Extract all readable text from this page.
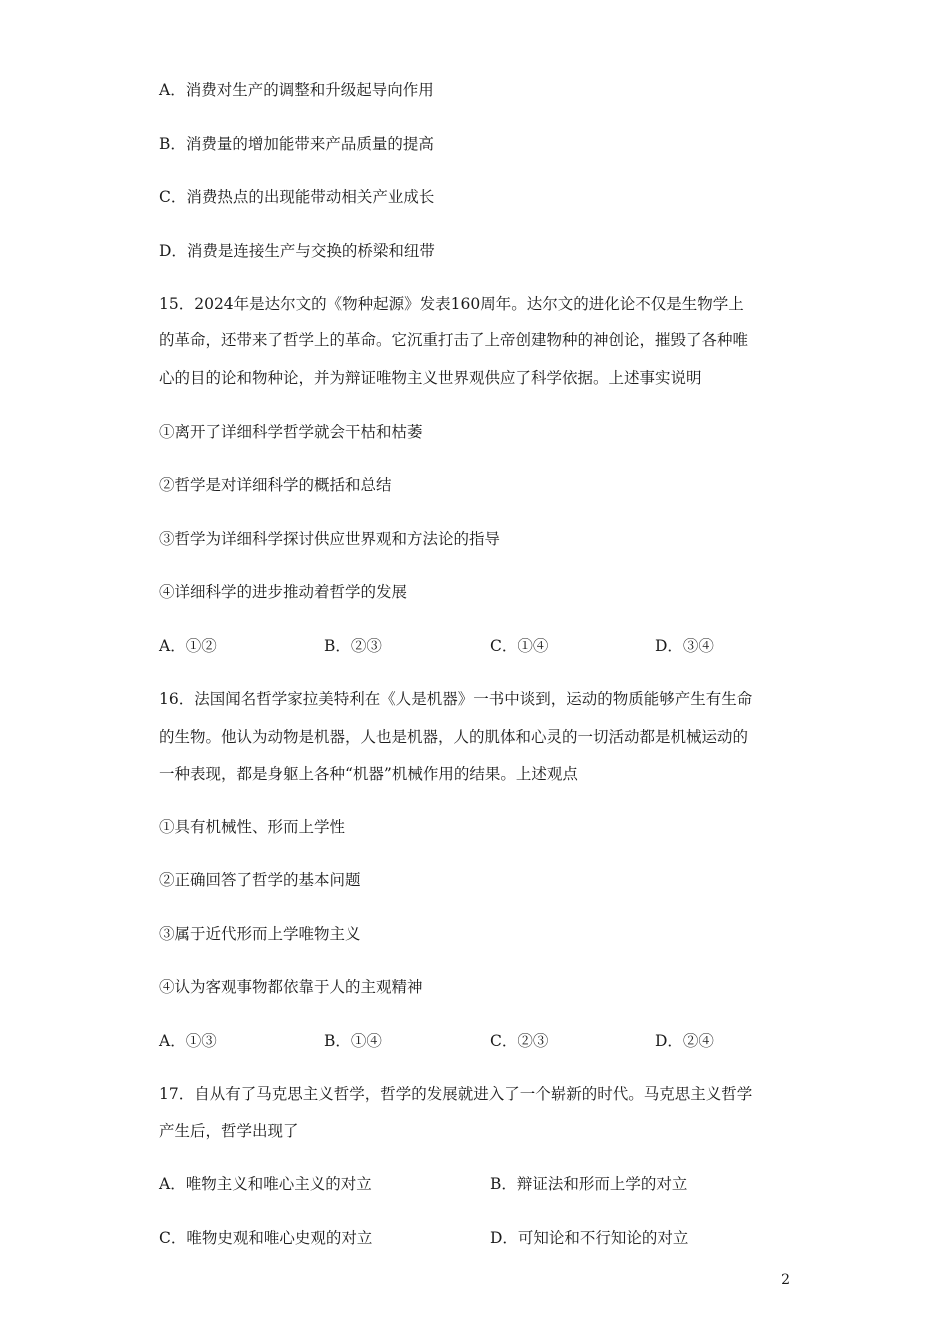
A．消费对生产的调整和升级起导向作用
B．消费量的增加能带来产品质量的提高
C．消费热点的出现能带动相关产业成长
D．消费是连接生产与交换的桥梁和纽带
15．2024年是达尔文的《物种起源》发表160周年。达尔文的进化论不仅是生物学上
的革命，还带来了哲学上的革命。它沉重打击了上帝创建物种的神创论，摧毁了各种唯
心的目的论和物种论，并为辩证唯物主义世界观供应了科学依据。上述事实说明
①离开了详细科学哲学就会干枯和枯萎
②哲学是对详细科学的概括和总结
③哲学为详细科学探讨供应世界观和方法论的指导
④详细科学的进步推动着哲学的发展
A．①②	B．②③	C．①④	D．③④
16．法国闻名哲学家拉美特利在《人是机器》一书中谈到，运动的物质能够产生有生命
的生物。他认为动物是机器，人也是机器，人的肌体和心灵的一切活动都是机械运动的
一种表现，都是身躯上各种“机器”机械作用的结果。上述观点
①具有机械性、形而上学性
②正确回答了哲学的基本问题
③属于近代形而上学唯物主义
④认为客观事物都依靠于人的主观精神
A．①③	B．①④	C．②③	D．②④
17．自从有了马克思主义哲学，哲学的发展就进入了一个崭新的时代。马克思主义哲学
产生后，哲学出现了
A．唯物主义和唯心主义的对立	B．辩证法和形而上学的对立
C．唯物史观和唯心史观的对立	D．可知论和不行知论的对立
2
